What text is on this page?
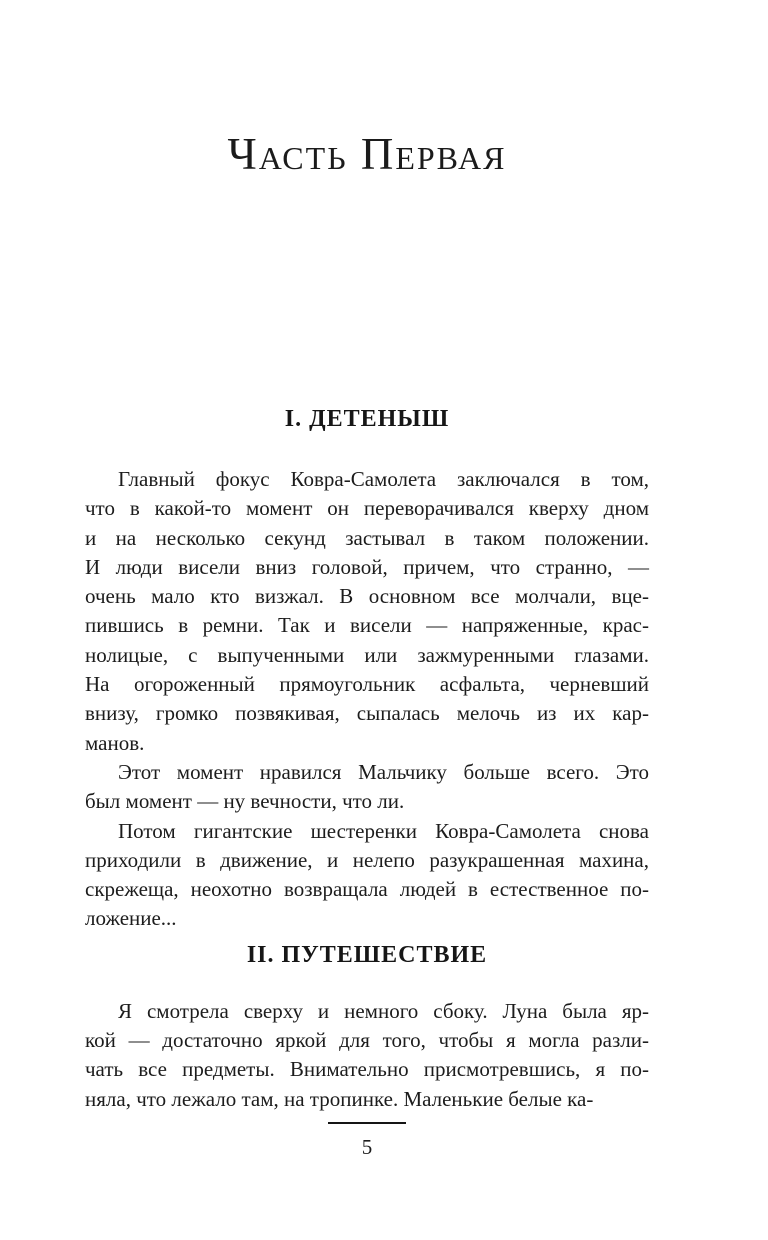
Часть Первая
I. ДЕТЕНЫШ
Главный фокус Ковра-Самолета заключался в том,
что в какой-то момент он переворачивался кверху дном
и на несколько секунд застывал в таком положении.
И люди висели вниз головой, причем, что странно, —
очень мало кто визжал. В основном все молчали, вце-
пившись в ремни. Так и висели — напряженные, крас-
нолицые, с выпученными или зажмуренными глазами.
На огороженный прямоугольник асфальта, черневший
внизу, громко позвякивая, сыпалась мелочь из их кар-
манов.
Этот момент нравился Мальчику больше всего. Это
был момент — ну вечности, что ли.
Потом гигантские шестеренки Ковра-Самолета снова
приходили в движение, и нелепо разукрашенная махина,
скрежеща, неохотно возвращала людей в естественное по-
ложение...
II. ПУТЕШЕСТВИЕ
Я смотрела сверху и немного сбоку. Луна была яр-
кой — достаточно яркой для того, чтобы я могла разли-
чать все предметы. Внимательно присмотревшись, я по-
няла, что лежало там, на тропинке. Маленькие белые ка-
5
